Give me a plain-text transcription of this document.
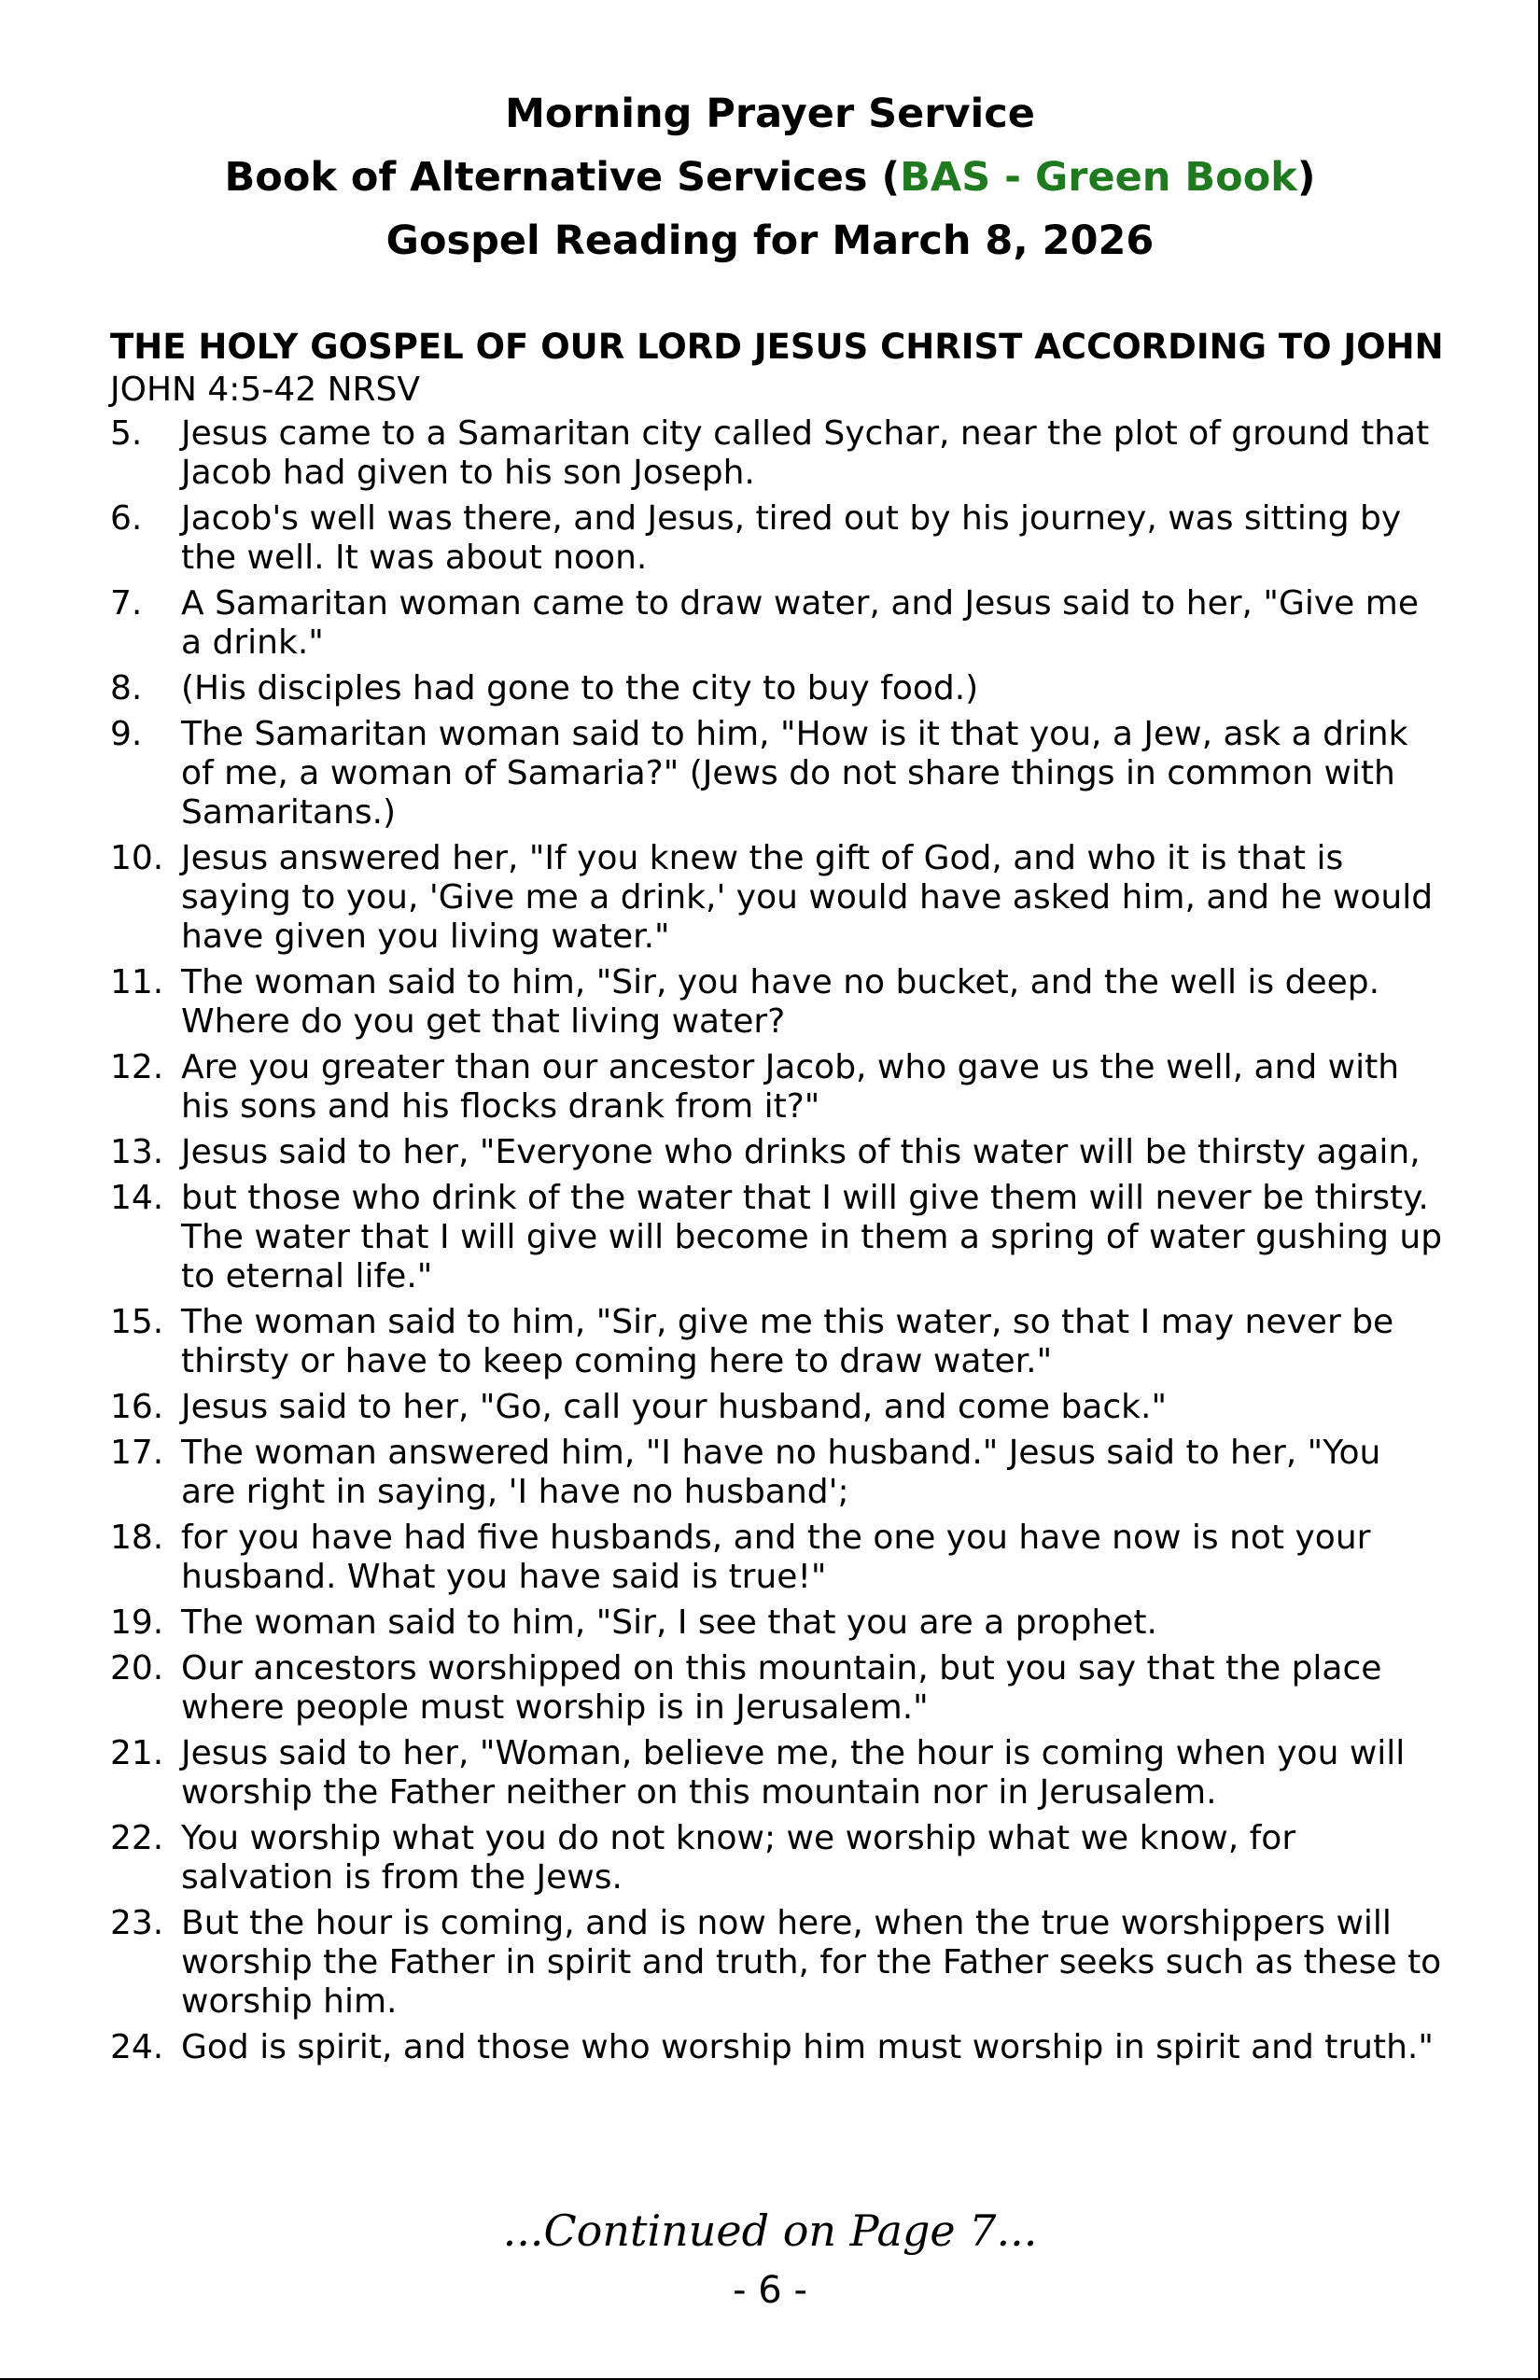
Morning Prayer Service
Book of Alternative Services (BAS - Green Book)
Gospel Reading for March 8, 2026
THE HOLY GOSPEL OF OUR LORD JESUS CHRIST ACCORDING TO JOHN
JOHN 4:5-42 NRSV
5.	Jesus came to a Samaritan city called Sychar, near the plot of ground that Jacob had given to his son Joseph.
6.	Jacob's well was there, and Jesus, tired out by his journey, was sitting by the well. It was about noon.
7.	A Samaritan woman came to draw water, and Jesus said to her, "Give me a drink."
8.	(His disciples had gone to the city to buy food.)
9.	The Samaritan woman said to him, "How is it that you, a Jew, ask a drink of me, a woman of Samaria?" (Jews do not share things in common with Samaritans.)
10. Jesus answered her, "If you knew the gift of God, and who it is that is saying to you, 'Give me a drink,' you would have asked him, and he would have given you living water."
11. The woman said to him, "Sir, you have no bucket, and the well is deep. Where do you get that living water?
12. Are you greater than our ancestor Jacob, who gave us the well, and with his sons and his flocks drank from it?"
13. Jesus said to her, "Everyone who drinks of this water will be thirsty again,
14. but those who drink of the water that I will give them will never be thirsty. The water that I will give will become in them a spring of water gushing up to eternal life."
15. The woman said to him, "Sir, give me this water, so that I may never be thirsty or have to keep coming here to draw water."
16. Jesus said to her, "Go, call your husband, and come back."
17. The woman answered him, "I have no husband." Jesus said to her, "You are right in saying, 'I have no husband';
18. for you have had five husbands, and the one you have now is not your husband. What you have said is true!"
19. The woman said to him, "Sir, I see that you are a prophet.
20. Our ancestors worshipped on this mountain, but you say that the place where people must worship is in Jerusalem."
21. Jesus said to her, "Woman, believe me, the hour is coming when you will worship the Father neither on this mountain nor in Jerusalem.
22. You worship what you do not know; we worship what we know, for salvation is from the Jews.
23. But the hour is coming, and is now here, when the true worshippers will worship the Father in spirit and truth, for the Father seeks such as these to worship him.
24. God is spirit, and those who worship him must worship in spirit and truth."
...Continued on Page 7...
- 6 -
